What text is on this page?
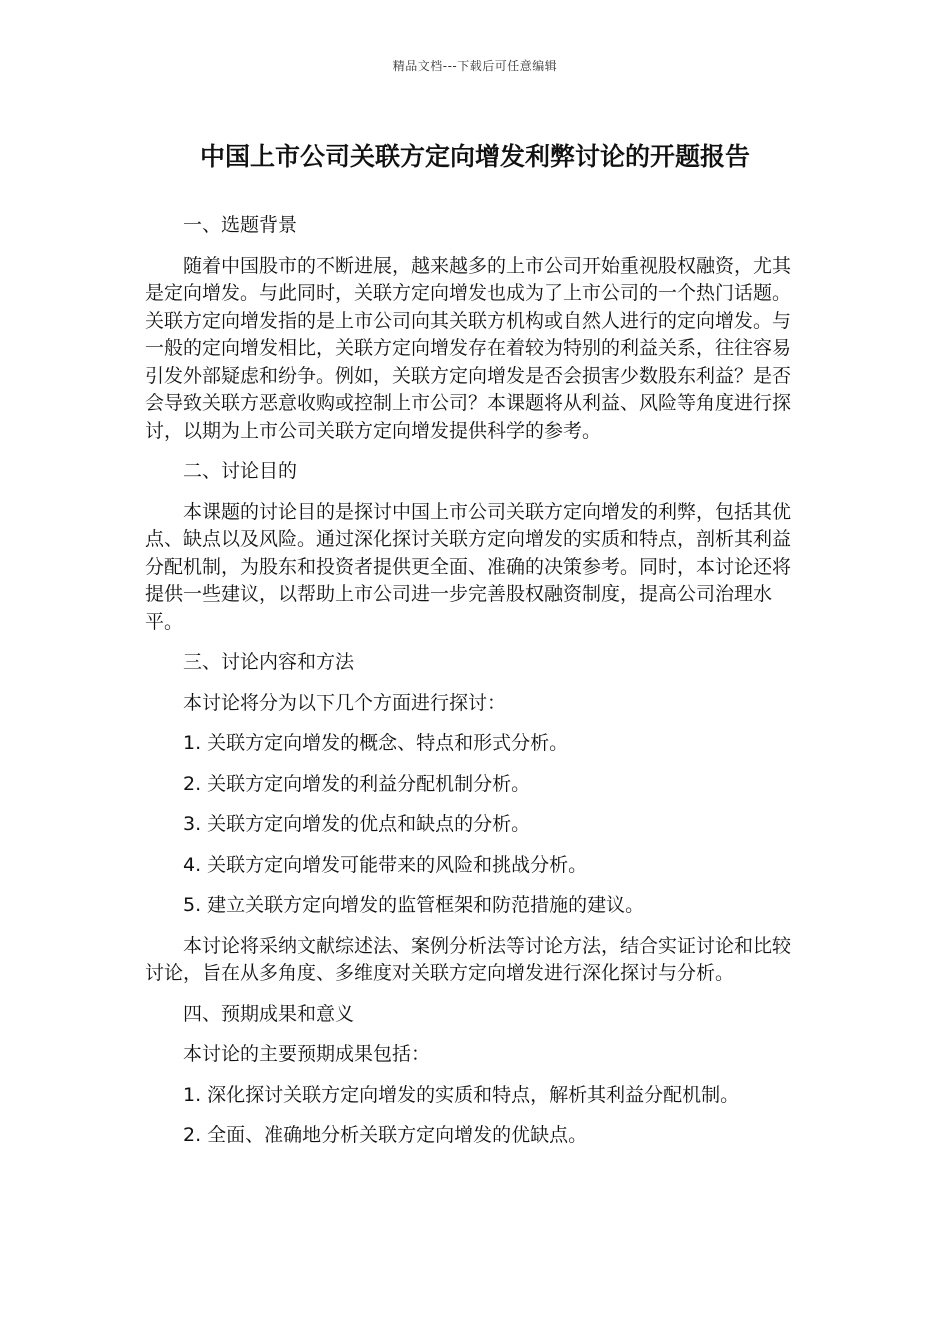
精品文档---下载后可任意编辑
中国上市公司关联方定向增发利弊讨论的开题报告

一、选题背景

随着中国股市的不断进展，越来越多的上市公司开始重视股权融资，尤其是定向增发。与此同时，关联方定向增发也成为了上市公司的一个热门话题。关联方定向增发指的是上市公司向其关联方机构或自然人进行的定向增发。与一般的定向增发相比，关联方定向增发存在着较为特别的利益关系，往往容易引发外部疑虑和纷争。例如，关联方定向增发是否会损害少数股东利益？是否会导致关联方恶意收购或控制上市公司？本课题将从利益、风险等角度进行探讨，以期为上市公司关联方定向增发提供科学的参考。

二、讨论目的

本课题的讨论目的是探讨中国上市公司关联方定向增发的利弊，包括其优点、缺点以及风险。通过深化探讨关联方定向增发的实质和特点，剖析其利益分配机制，为股东和投资者提供更全面、准确的决策参考。同时，本讨论还将提供一些建议，以帮助上市公司进一步完善股权融资制度，提高公司治理水平。

三、讨论内容和方法

本讨论将分为以下几个方面进行探讨：

1. 关联方定向增发的概念、特点和形式分析。

2. 关联方定向增发的利益分配机制分析。

3. 关联方定向增发的优点和缺点的分析。

4. 关联方定向增发可能带来的风险和挑战分析。

5. 建立关联方定向增发的监管框架和防范措施的建议。

本讨论将采纳文献综述法、案例分析法等讨论方法，结合实证讨论和比较讨论，旨在从多角度、多维度对关联方定向增发进行深化探讨与分析。

四、预期成果和意义

本讨论的主要预期成果包括：

1. 深化探讨关联方定向增发的实质和特点，解析其利益分配机制。

2. 全面、准确地分析关联方定向增发的优缺点。
